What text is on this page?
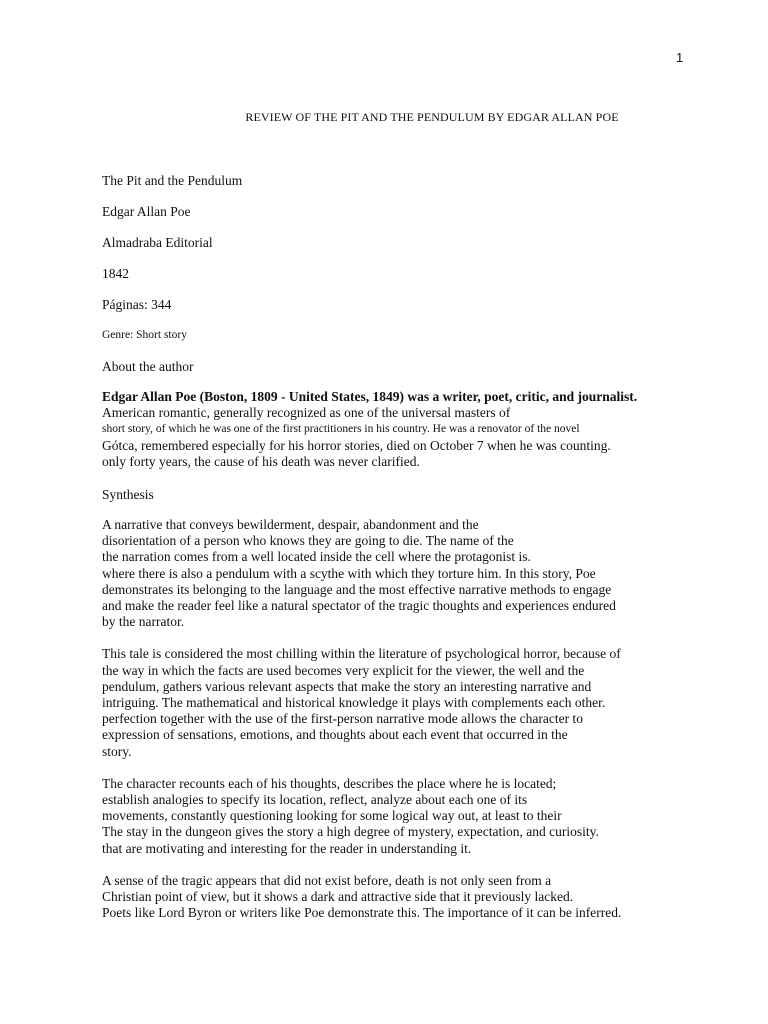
1
REVIEW OF THE PIT AND THE PENDULUM BY EDGAR ALLAN POE
The Pit and the Pendulum
Edgar Allan Poe
Almadraba Editorial
1842
Páginas: 344
Genre: Short story
About the author
Edgar Allan Poe (Boston, 1809 - United States, 1849) was a writer, poet, critic, and journalist.
American romantic, generally recognized as one of the universal masters of
short story, of which he was one of the first practitioners in his country. He was a renovator of the novel
Gótca, remembered especially for his horror stories, died on October 7 when he was counting.
only forty years, the cause of his death was never clarified.
Synthesis
A narrative that conveys bewilderment, despair, abandonment and the
disorientation of a person who knows they are going to die. The name of the
the narration comes from a well located inside the cell where the protagonist is.
where there is also a pendulum with a scythe with which they torture him. In this story, Poe
demonstrates its belonging to the language and the most effective narrative methods to engage
and make the reader feel like a natural spectator of the tragic thoughts and experiences endured
by the narrator.
This tale is considered the most chilling within the literature of psychological horror, because of
the way in which the facts are used becomes very explicit for the viewer, the well and the
pendulum, gathers various relevant aspects that make the story an interesting narrative and
intriguing. The mathematical and historical knowledge it plays with complements each other.
perfection together with the use of the first-person narrative mode allows the character to
expression of sensations, emotions, and thoughts about each event that occurred in the
story.
The character recounts each of his thoughts, describes the place where he is located;
establish analogies to specify its location, reflect, analyze about each one of its
movements, constantly questioning looking for some logical way out, at least to their
The stay in the dungeon gives the story a high degree of mystery, expectation, and curiosity.
that are motivating and interesting for the reader in understanding it.
A sense of the tragic appears that did not exist before, death is not only seen from a
Christian point of view, but it shows a dark and attractive side that it previously lacked.
Poets like Lord Byron or writers like Poe demonstrate this. The importance of it can be inferred.
